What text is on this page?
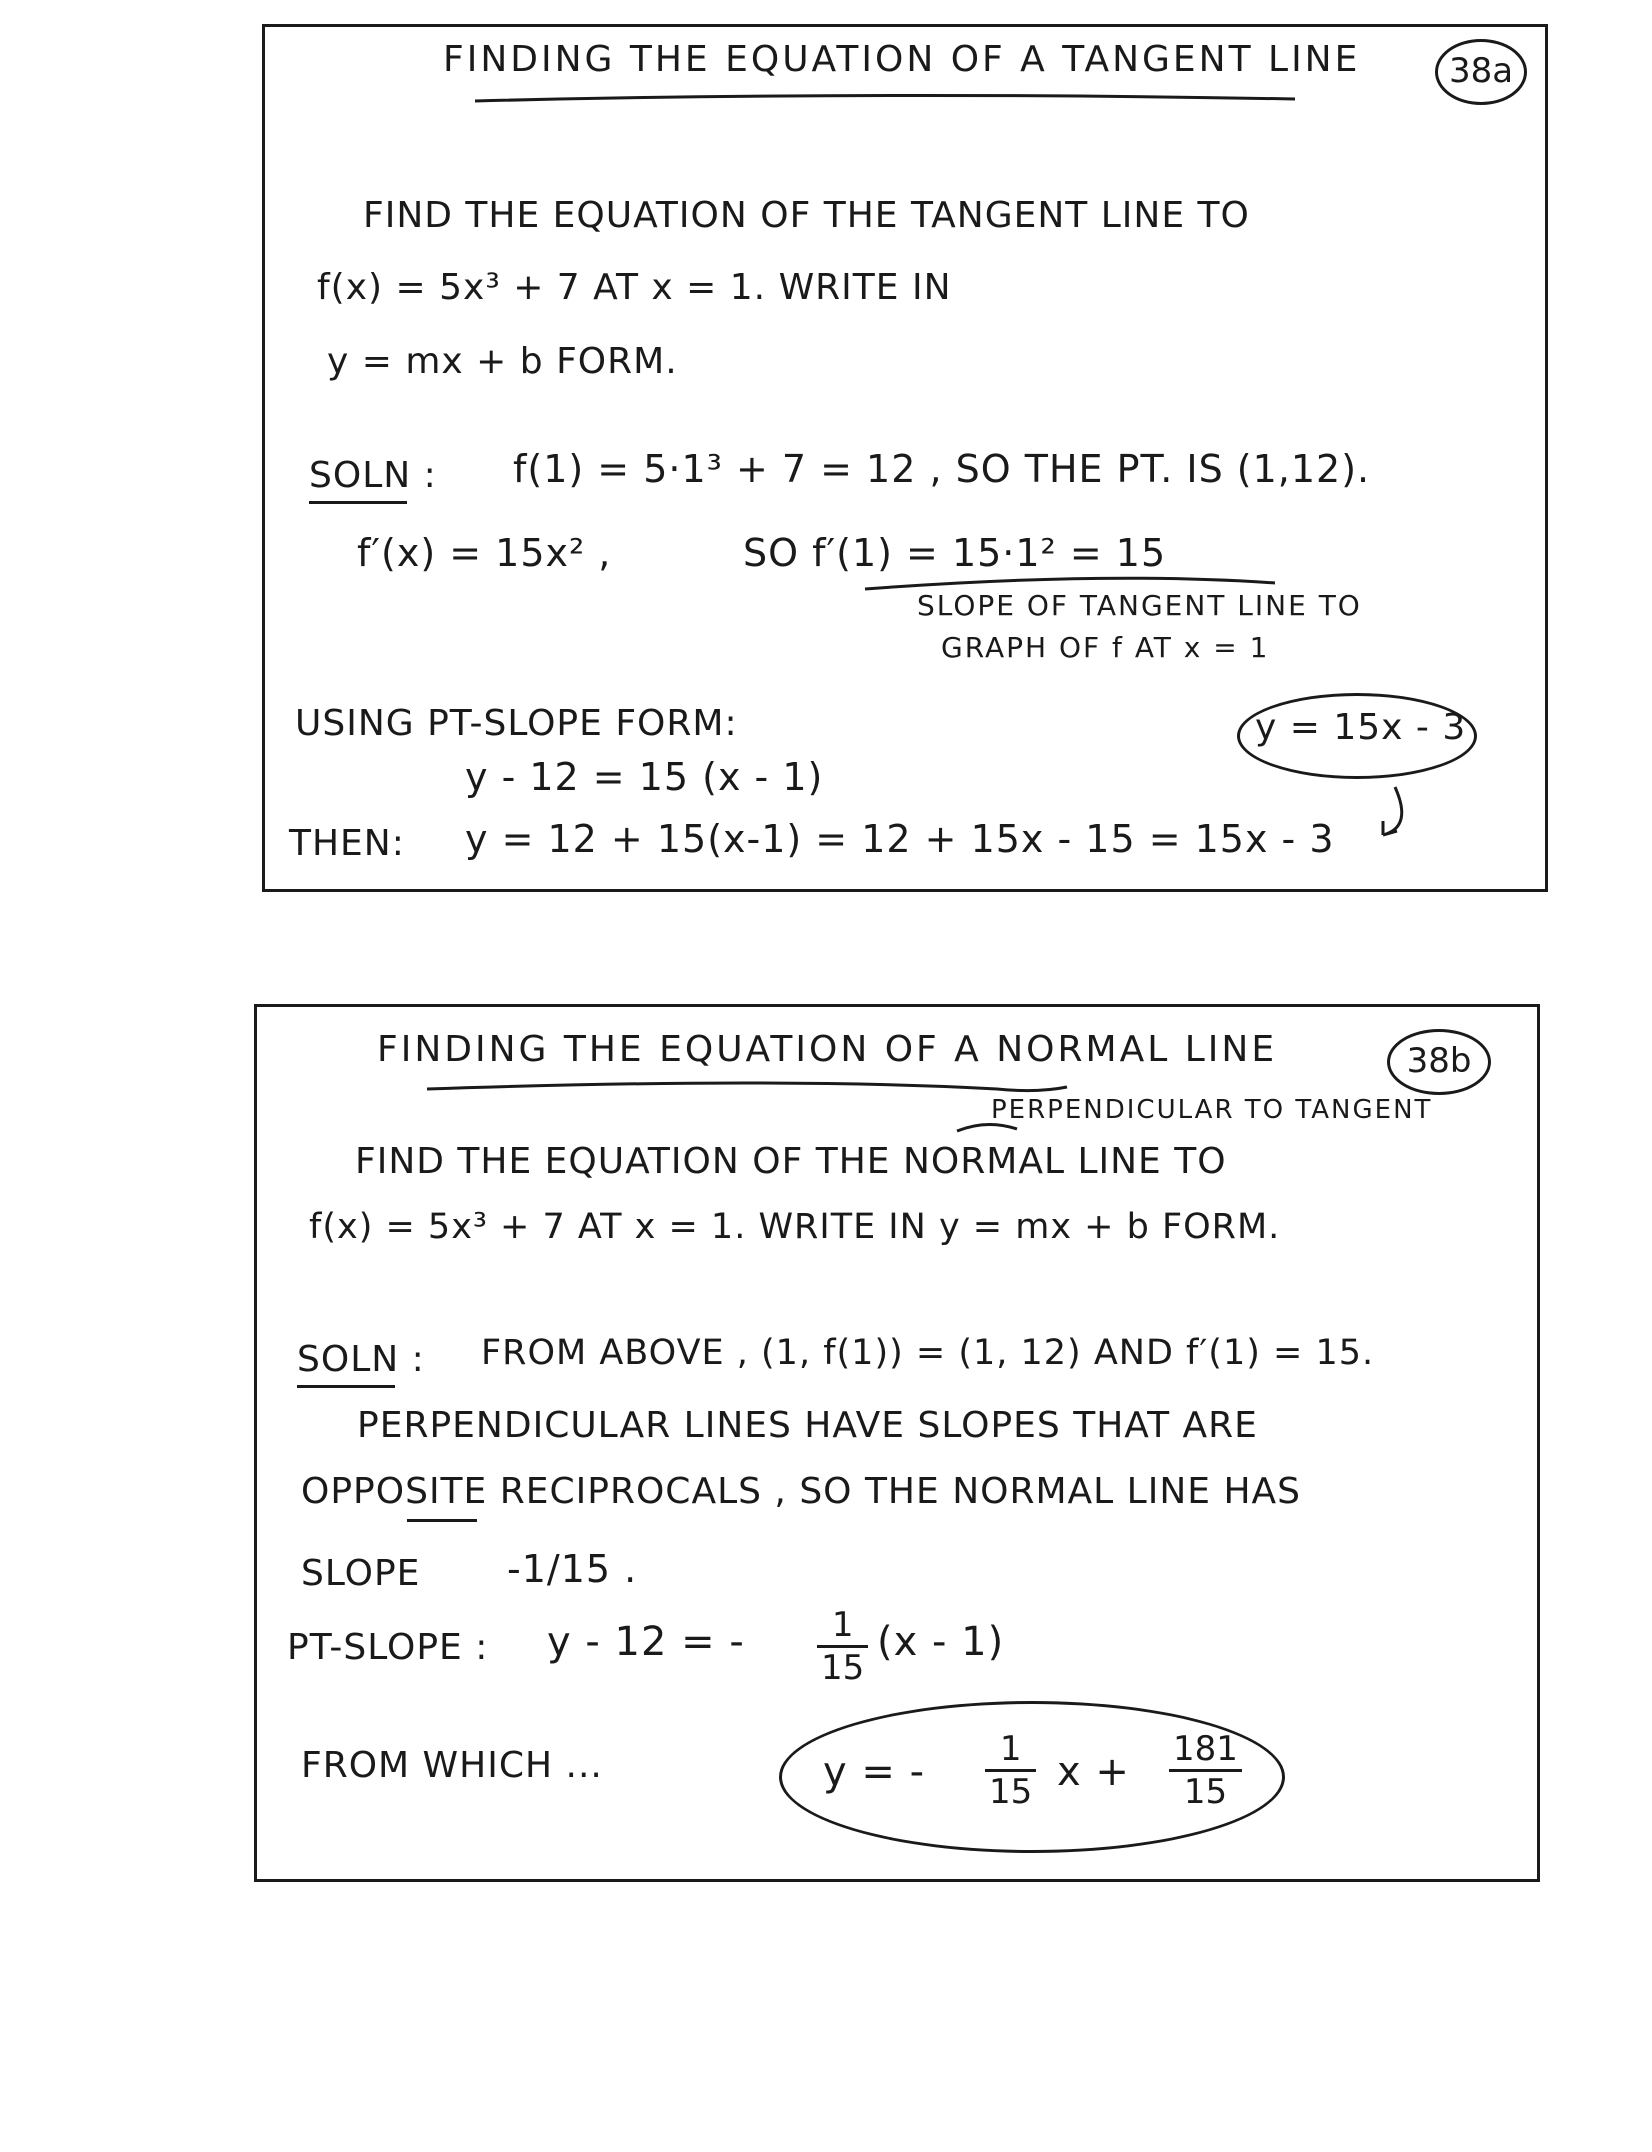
FINDING THE EQUATION OF A TANGENT LINE	38a
FIND THE EQUATION OF THE TANGENT LINE TO
f(x) = 5x³ + 7 AT x = 1. WRITE IN
y = mx + b FORM.
SOLN : f(1) = 5·1³ + 7 = 12 , SO THE PT. IS (1,12).
f′(x) = 15x² ,	SO f′(1) = 15·1² = 15
SLOPE OF TANGENT LINE TO
GRAPH OF f AT x = 1
USING PT-SLOPE FORM:
y - 12 = 15 (x - 1)
y = 15x - 3
THEN: y = 12 + 15(x-1) = 12 + 15x - 15 = 15x - 3
FINDING THE EQUATION OF A NORMAL LINE	38b
PERPENDICULAR TO TANGENT
FIND THE EQUATION OF THE NORMAL LINE TO
f(x) = 5x³ + 7 AT x = 1. WRITE IN y = mx + b FORM.
SOLN : FROM ABOVE , (1, f(1)) = (1, 12) AND f′(1) = 15.
PERPENDICULAR LINES HAVE SLOPES THAT ARE
OPPOSITE RECIPROCALS , SO THE NORMAL LINE HAS
SLOPE -1/15 .
PT-SLOPE : y - 12 = - $\frac{1}{15} (x - 1)$
FROM WHICH ...	y = - $\frac{1}{15}$ $x + \frac{181}{15}$
